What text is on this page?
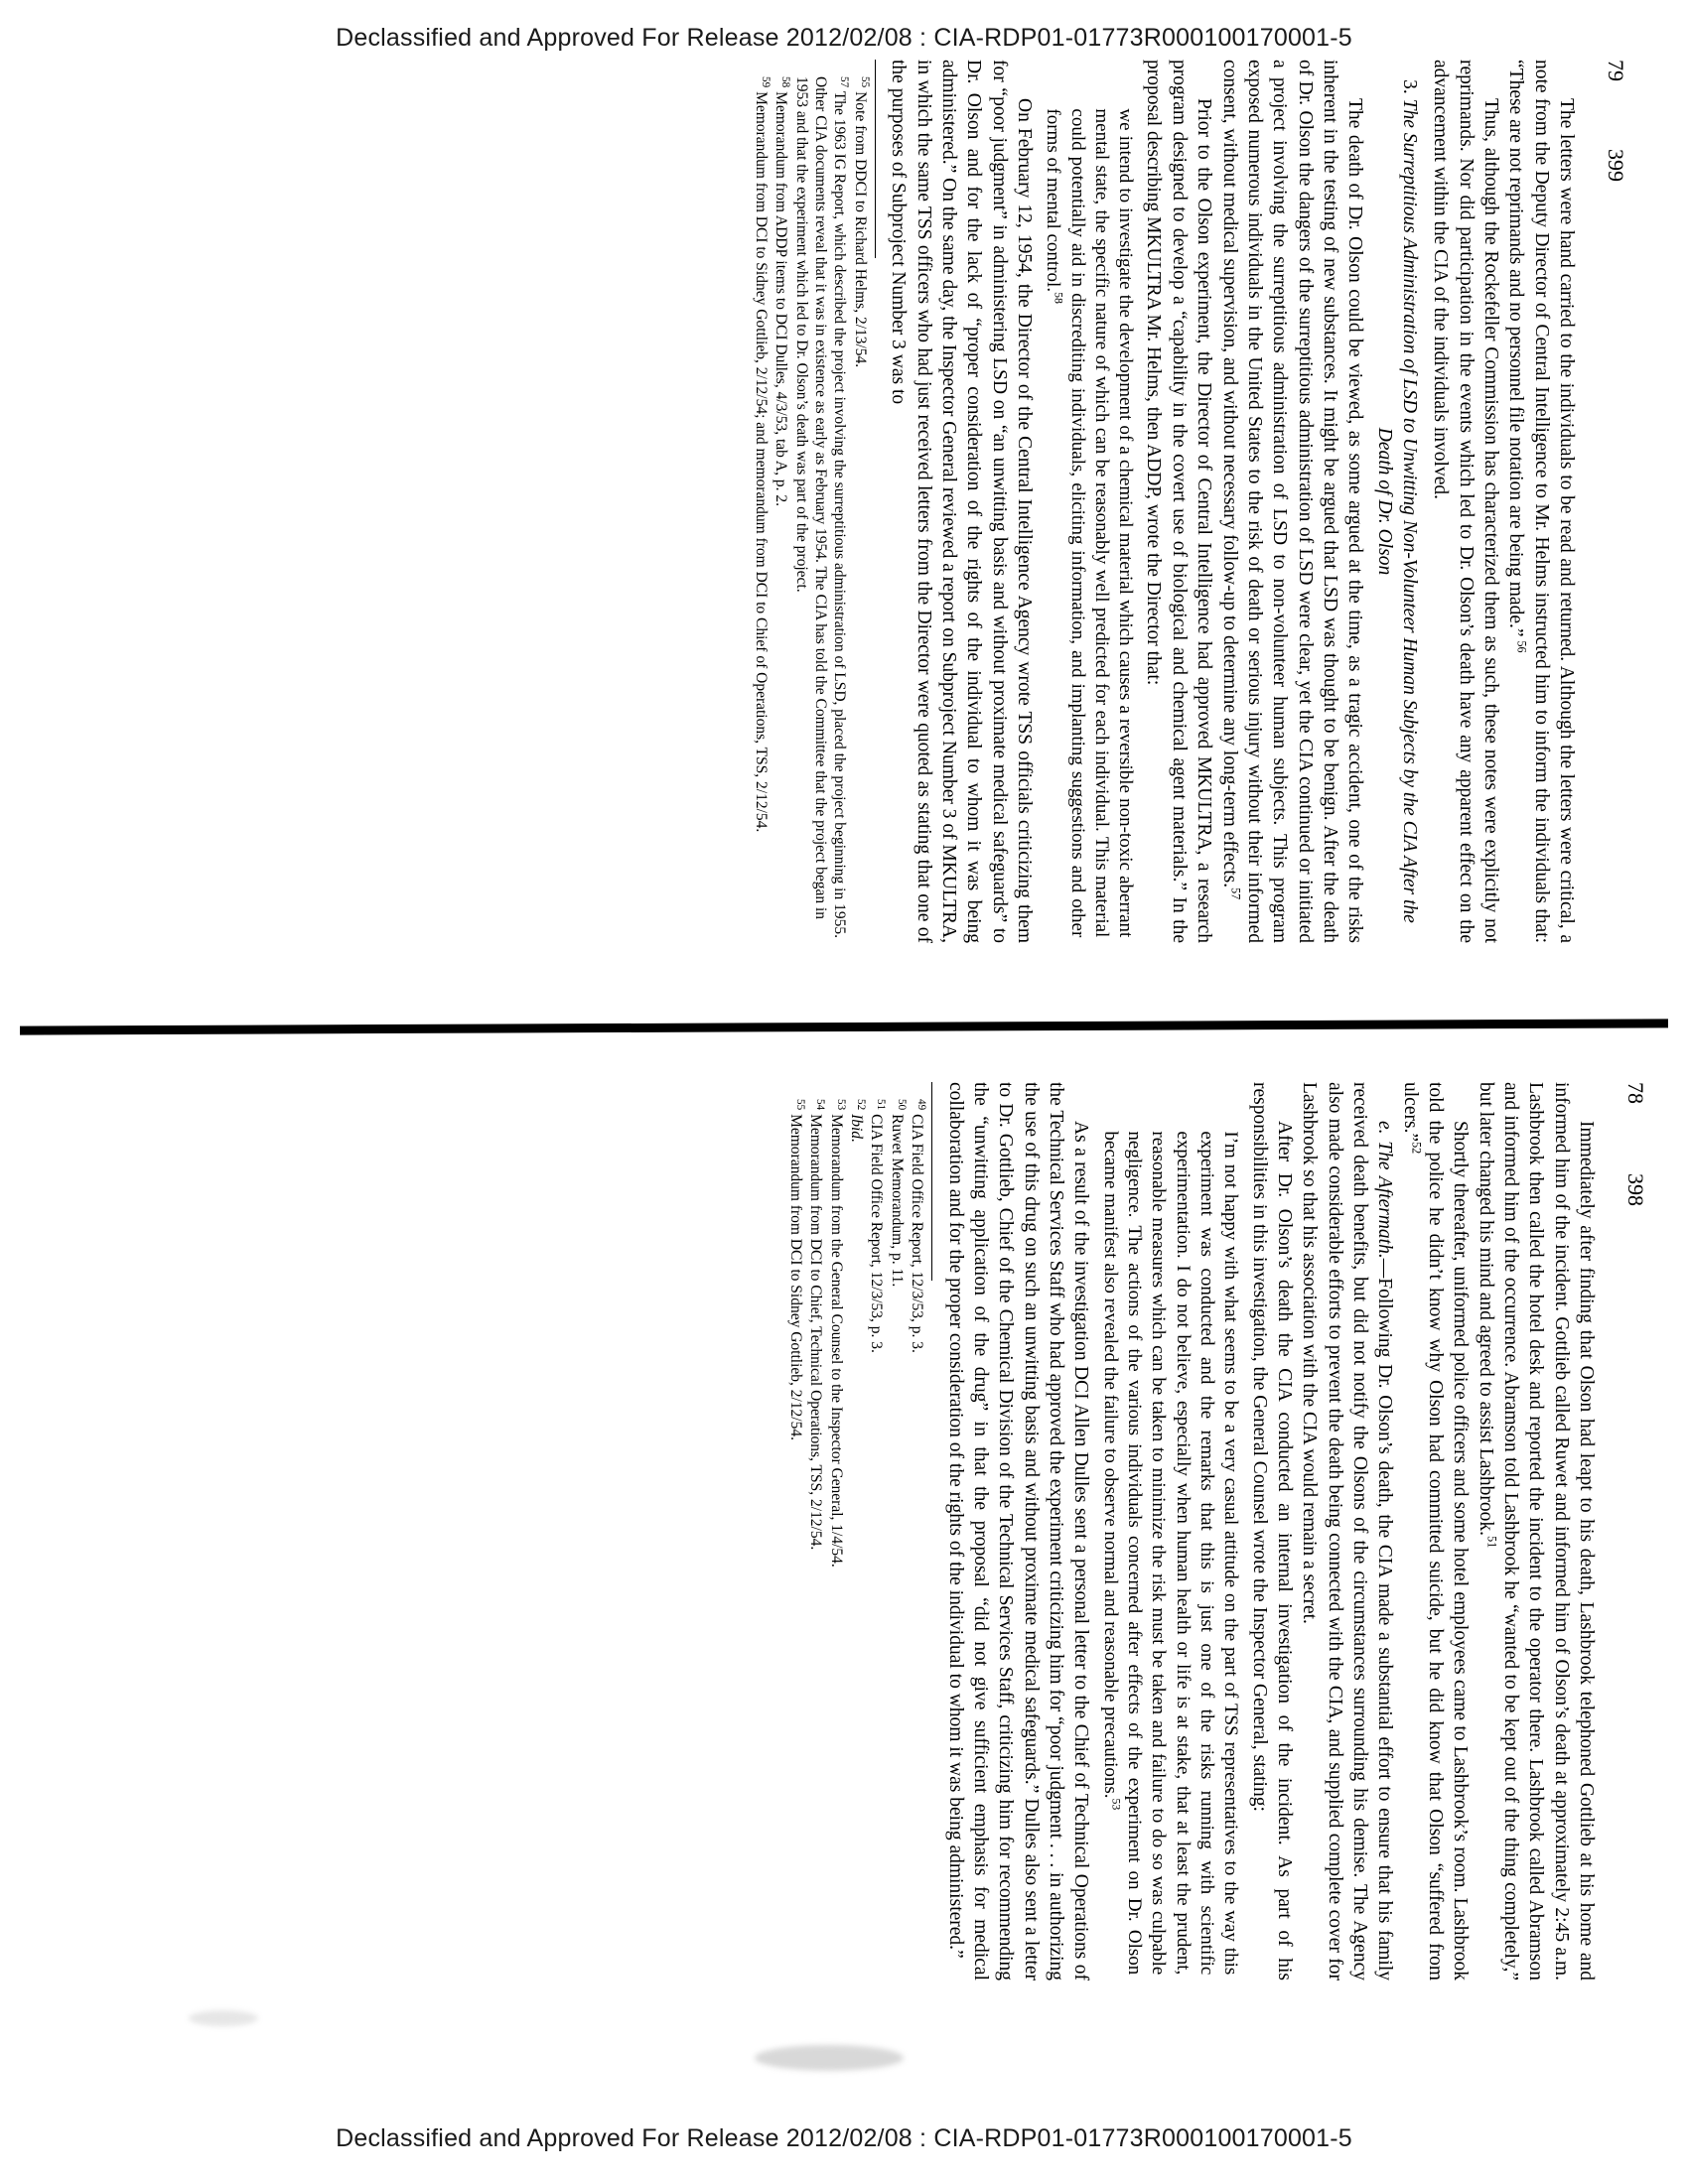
Declassified and Approved For Release 2012/02/08 : CIA-RDP01-01773R000100170001-5
79
399

The letters were hand carried to the individuals to be read and returned. Although the letters were critical, a note from the Deputy Director of Central Intelligence to Mr. Helms instructed him to inform the individuals that: “These are not reprimands and no personnel file notation are being made.” $^{56}$

Thus, although the Rockefeller Commission has characterized them as such, these notes were explicitly not reprimands. Nor did participation in the events which led to Dr. Olson’s death have any apparent effect on the advancement within the CIA of the individuals involved.

3. The Surreptitious Administration of LSD to Unwitting Non-Volunteer Human Subjects by the CIA After the Death of Dr. Olson

The death of Dr. Olson could be viewed, as some argued at the time, as a tragic accident, one of the risks inherent in the testing of new substances. It might be argued that LSD was thought to be benign. After the death of Dr. Olson the dangers of the surreptitious administration of LSD were clear, yet the CIA continued or initiated a project involving the surreptitious administration of LSD to non-volunteer human subjects. This program exposed numerous individuals in the United States to the risk of death or serious injury without their informed consent, without medical supervision, and without necessary follow-up to determine any long-term effects.$^{57}$

Prior to the Olson experiment, the Director of Central Intelligence had approved MKULTRA, a research program designed to develop a “capability in the covert use of biological and chemical agent materials.” In the proposal describing MKULTRA Mr. Helms, then ADDP, wrote the Director that:

we intend to investigate the development of a chemical material which causes a reversible non-toxic aberrant mental state, the specific nature of which can be reasonably well predicted for each individual. This material could potentially aid in discrediting individuals, eliciting information, and implanting suggestions and other forms of mental control.$^{58}$

On February 12, 1954, the Director of the Central Intelligence Agency wrote TSS officials criticizing them for “poor judgment” in administering LSD on “an unwitting basis and without proximate medical safeguards” to Dr. Olson and for the lack of “proper consideration of the rights of the individual to whom it was being administered.” On the same day, the Inspector General reviewed a report on Subproject Number 3 of MKULTRA, in which the same TSS officers who had just received letters from the Director were quoted as stating that one of the purposes of Subproject Number 3 was to

$^{55}$ Note from DDCI to Richard Helms, 2/13/54.

$^{57}$ The 1963 IG Report, which described the project involving the surreptitious administration of LSD, placed the project beginning in 1955. Other CIA documents reveal that it was in existence as early as February 1954. The CIA has told the Committee that the project began in 1953 and that the experiment which led to Dr. Olson’s death was part of the project.

$^{58}$ Memorandum from ADDP items to DCI Dulles, 4/3/53, tab A, p. 2.

$^{59}$ Memorandum from DCI to Sidney Gottlieb, 2/12/54; and memorandum from DCI to Chief of Operations, TSS, 2/12/54.

78
398

Immediately after finding that Olson had leapt to his death, Lashbrook telephoned Gottlieb at his home and informed him of the incident. Gottlieb called Ruwet and informed him of Olson’s death at approximately 2:45 a.m. Lashbrook then called the hotel desk and reported the incident to the operator there. Lashbrook called Abramson and informed him of the occurrence. Abramson told Lashbrook he “wanted to be kept out of the thing completely,” but later changed his mind and agreed to assist Lashbrook.$^{51}$

Shortly thereafter, uniformed police officers and some hotel employees came to Lashbrook’s room. Lashbrook told the police he didn’t know why Olson had committed suicide, but he did know that Olson “suffered from ulcers.”$^{52}$

e. The Aftermath.—Following Dr. Olson’s death, the CIA made a substantial effort to ensure that his family received death benefits, but did not notify the Olsons of the circumstances surrounding his demise. The Agency also made considerable efforts to prevent the death being connected with the CIA, and supplied complete cover for Lashbrook so that his association with the CIA would remain a secret.

After Dr. Olson’s death the CIA conducted an internal investigation of the incident. As part of his responsibilities in this investigation, the General Counsel wrote the Inspector General, stating:

I’m not happy with what seems to be a very casual attitude on the part of TSS representatives to the way this experiment was conducted and the remarks that this is just one of the risks running with scientific experimentation. I do not believe, especially when human health or life is at stake, that at least the prudent, reasonable measures which can be taken to minimize the risk must be taken and failure to do so was culpable negligence. The actions of the various individuals concerned after effects of the experiment on Dr. Olson became manifest also revealed the failure to observe normal and reasonable precautions.$^{53}$

As a result of the investigation DCI Allen Dulles sent a personal letter to the Chief of Technical Operations of the Technical Services Staff who had approved the experiment criticizing him for “poor judgment . . . in authorizing the use of this drug on such an unwitting basis and without proximate medical safeguards.” Dulles also sent a letter to Dr. Gottlieb, Chief of the Chemical Division of the Technical Services Staff, criticizing him for recommending the “unwitting application of the drug” in that the proposal “did not give sufficient emphasis for medical collaboration and for the proper consideration of the rights of the individual to whom it was being administered.”

$^{49}$ CIA Field Office Report, 12/3/53, p. 3.

$^{50}$ Ruwet Memorandum, p. 11.

$^{51}$ CIA Field Office Report, 12/3/53, p. 3.

$^{52}$ Ibid.

$^{53}$ Memorandum from the General Counsel to the Inspector General, 1/4/54.

$^{54}$ Memorandum from DCI to Chief, Technical Operations, TSS, 2/12/54.

$^{55}$ Memorandum from DCI to Sidney Gottlieb, 2/12/54.

Declassified and Approved For Release 2012/02/08 : CIA-RDP01-01773R000100170001-5
